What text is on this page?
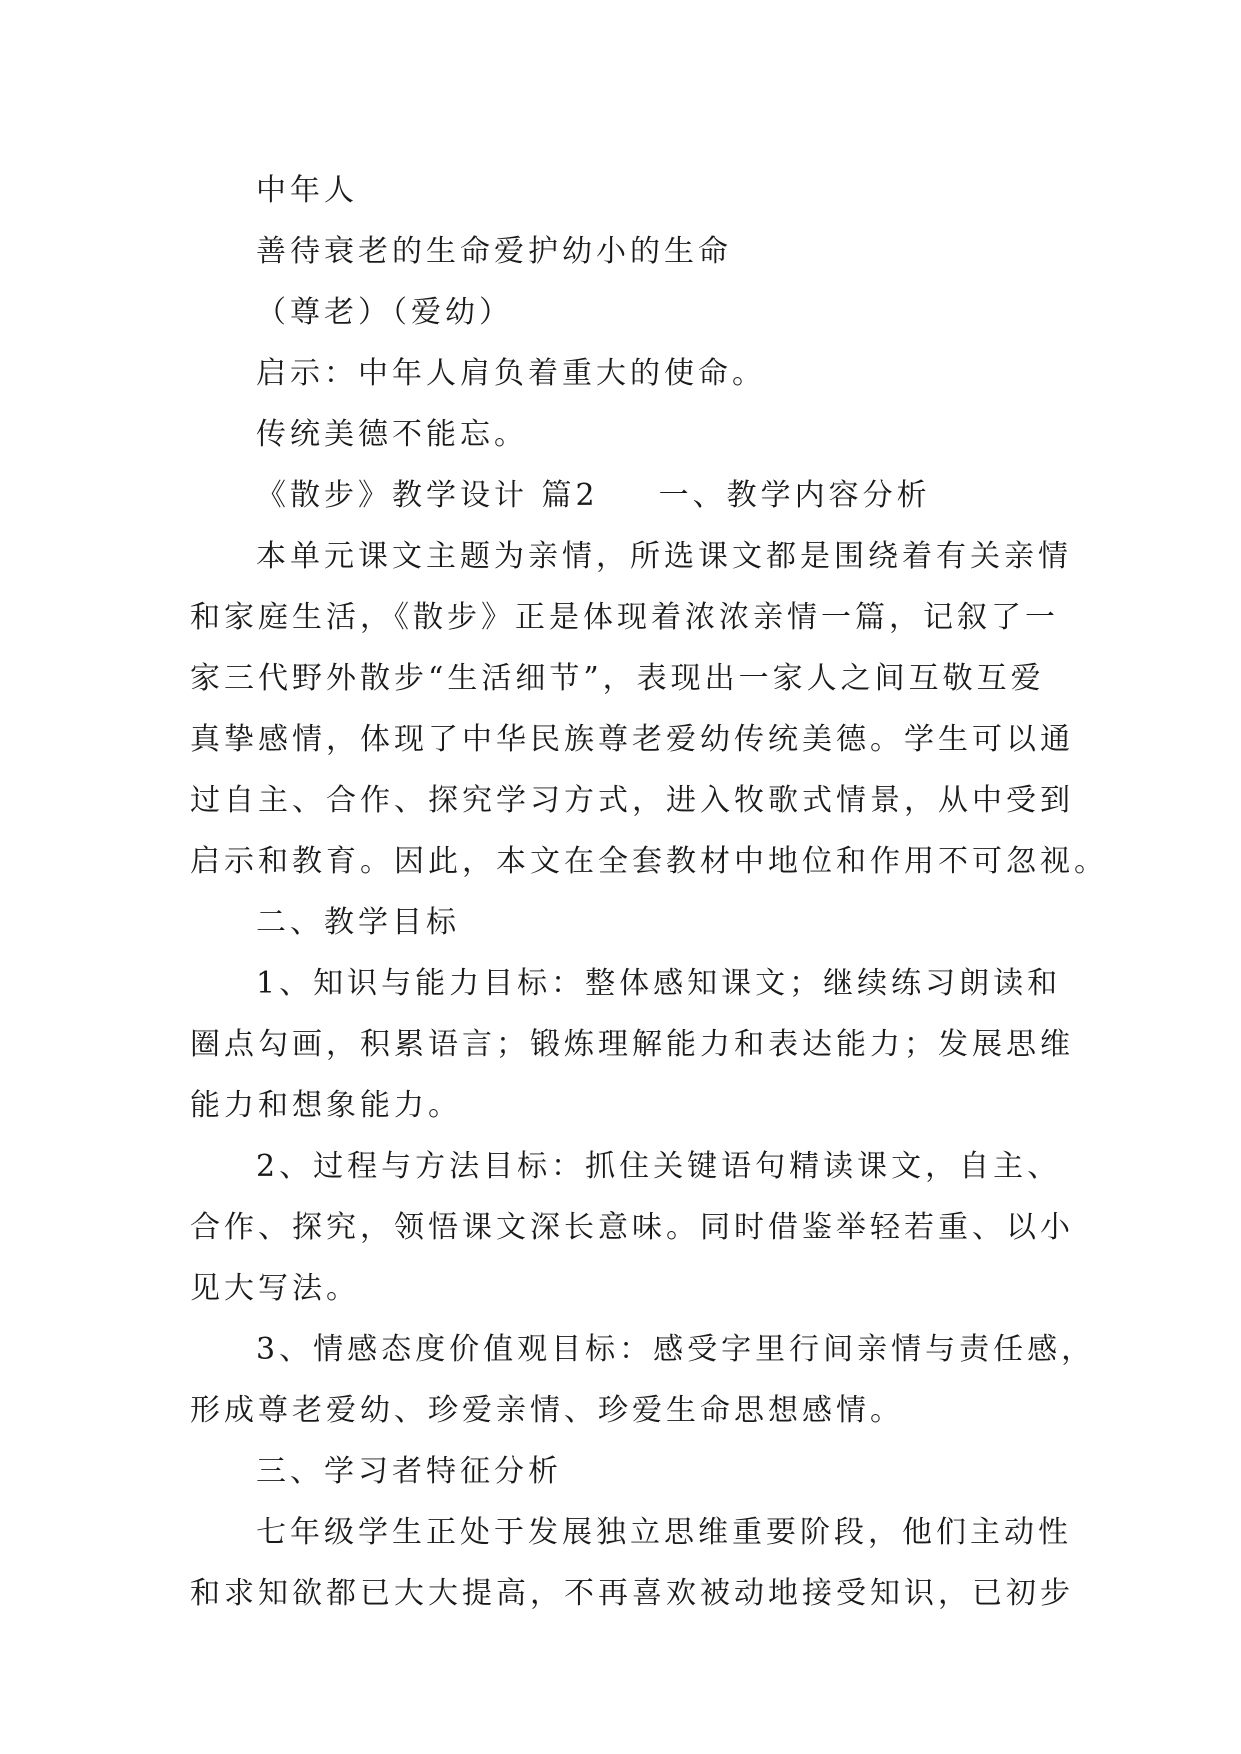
中年人
善待衰老的生命爱护幼小的生命
（尊老）（爱幼）
启示：中年人肩负着重大的使命。
传统美德不能忘。
《散步》教学设计 篇2 一、教学内容分析
本单元课文主题为亲情，所选课文都是围绕着有关亲情
和家庭生活，《散步》正是体现着浓浓亲情一篇，记叙了一
家三代野外散步“生活细节”，表现出一家人之间互敬互爱
真挚感情，体现了中华民族尊老爱幼传统美德。学生可以通
过自主、合作、探究学习方式，进入牧歌式情景，从中受到
启示和教育。因此，本文在全套教材中地位和作用不可忽视。
二、教学目标
1、知识与能力目标：整体感知课文；继续练习朗读和
圈点勾画，积累语言；锻炼理解能力和表达能力；发展思维
能力和想象能力。
2、过程与方法目标：抓住关键语句精读课文，自主、
合作、探究，领悟课文深长意味。同时借鉴举轻若重、以小
见大写法。
3、情感态度价值观目标：感受字里行间亲情与责任感，
形成尊老爱幼、珍爱亲情、珍爱生命思想感情。
三、学习者特征分析
七年级学生正处于发展独立思维重要阶段，他们主动性
和求知欲都已大大提高，不再喜欢被动地接受知识，已初步
